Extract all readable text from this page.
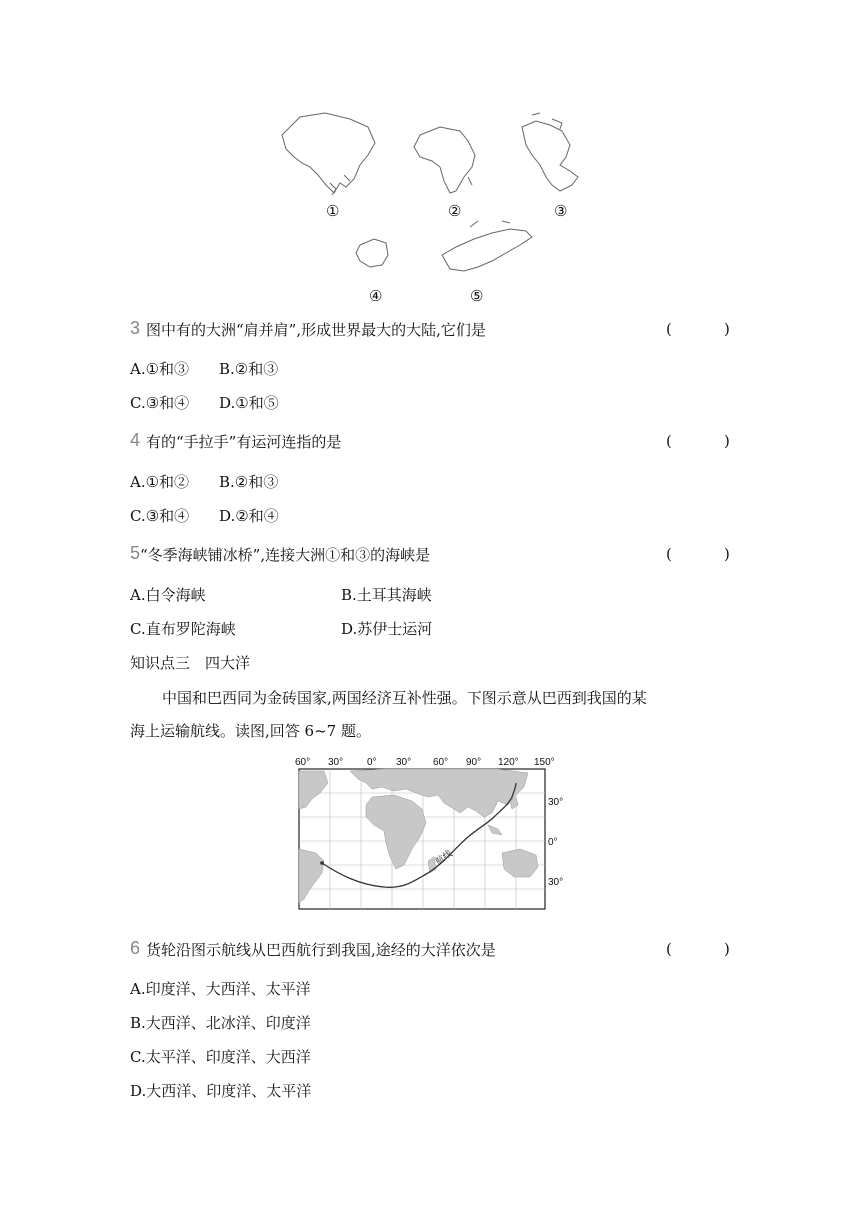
①	②	③
④	⑤
3 图中有的大洲“肩并肩”,形成世界最大的大陆,它们是	(	)
A.①和③ B.②和③
C.③和④ D.①和⑤
4 有的“手拉手”有运河连指的是	(	)
A.①和② B.②和③
C.③和④ D.②和④
5 “冬季海峡铺冰桥”,连接大洲①和③的海峡是	(	)
A.白令海峡	B.土耳其海峡
C.直布罗陀海峡	D.苏伊士运河
知识点三　四大洋
中国和巴西同为金砖国家,两国经济互补性强。下图示意从巴西到我国的某
海上运输航线。读图,回答 6~7 题。
航线
60° 30° 0° 30° 60° 90° 120° 150°
30°
0°
30°
6 货轮沿图示航线从巴西航行到我国,途经的大洋依次是	(	)
A.印度洋、大西洋、太平洋
B.大西洋、北冰洋、印度洋
C.太平洋、印度洋、大西洋
D.大西洋、印度洋、太平洋
